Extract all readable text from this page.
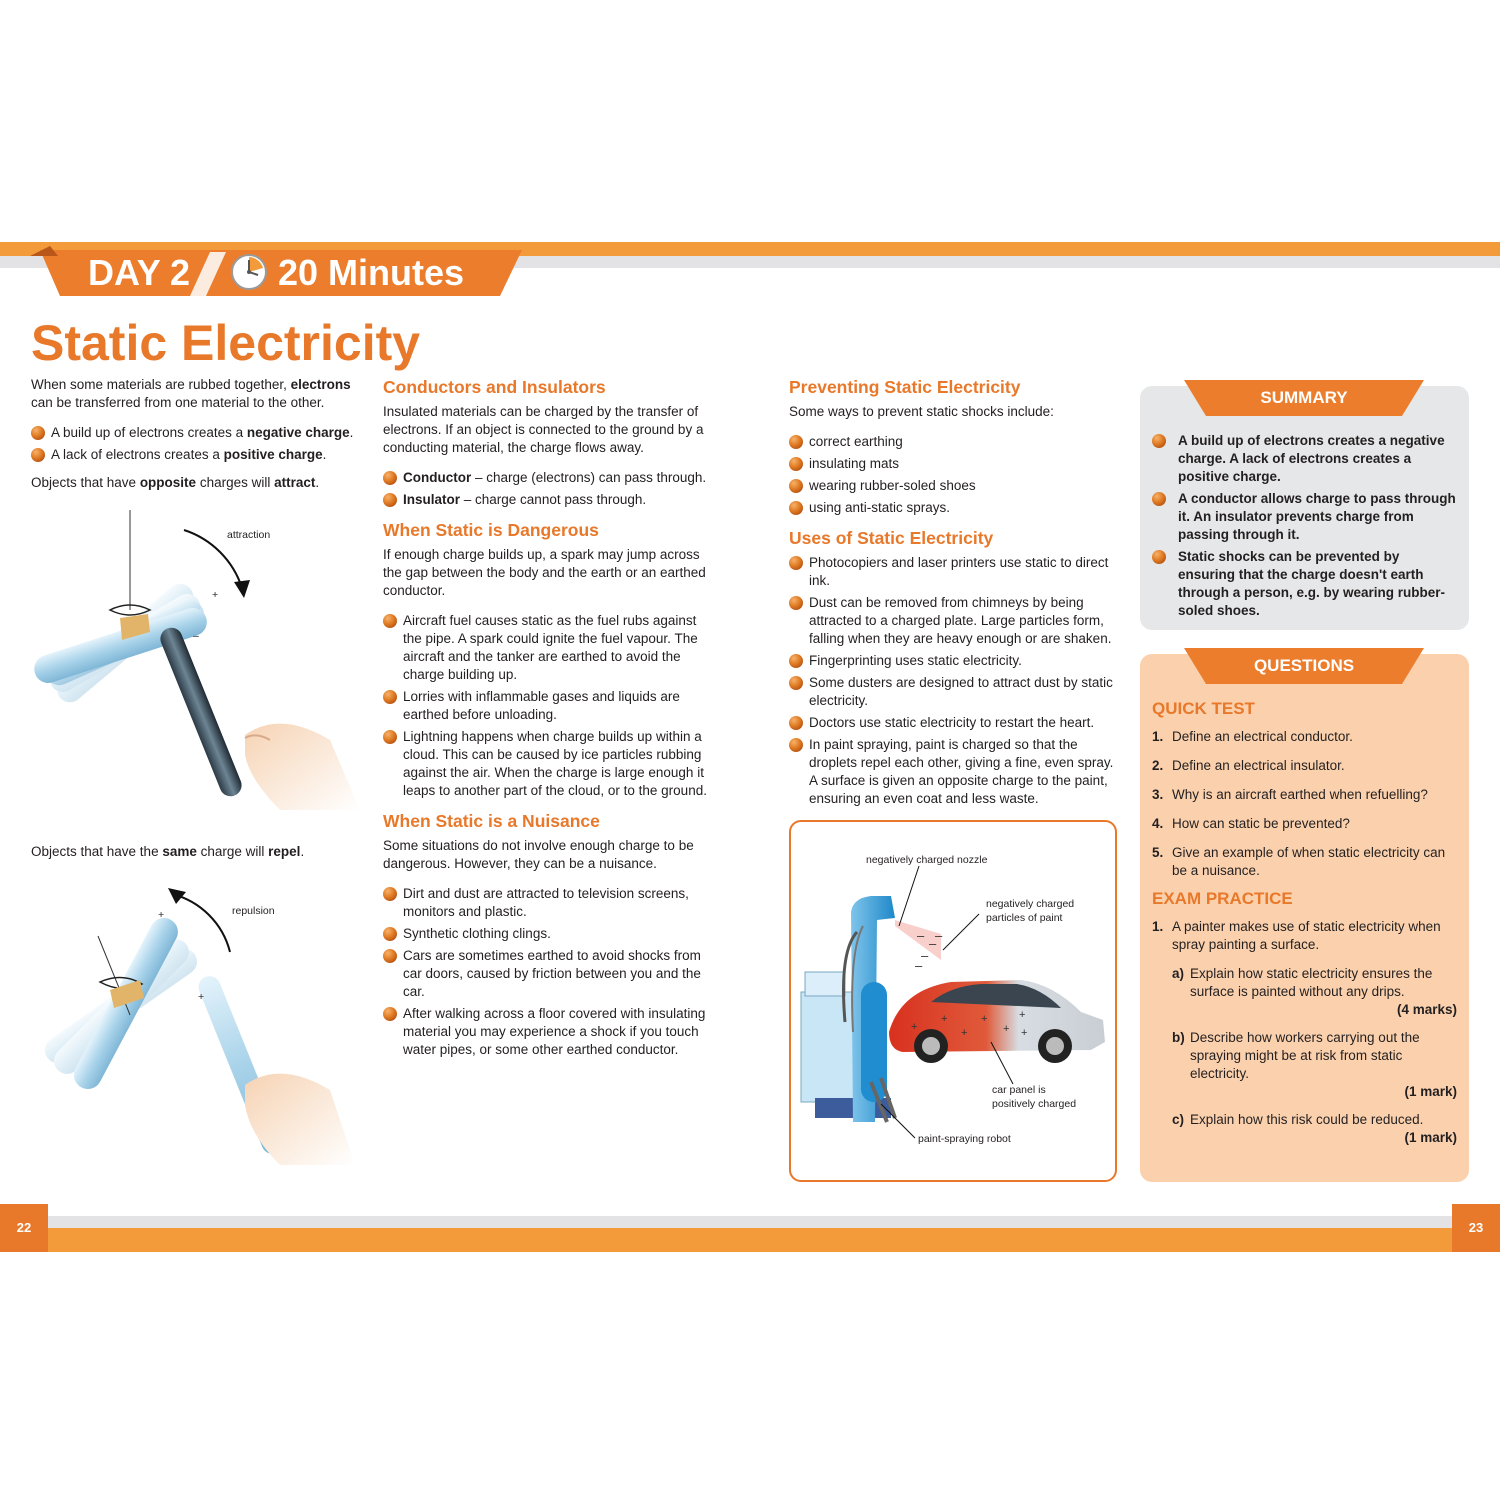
DAY 2 20 Minutes
Static Electricity

When some materials are rubbed together, electrons can be transferred from one material to the other.

A build up of electrons creates a negative charge.
A lack of electrons creates a positive charge.

Objects that have opposite charges will attract.

attraction
+
–

Objects that have the same charge will repel.

repulsion
+
+
Conductors and Insulators

Insulated materials can be charged by the transfer of electrons. If an object is connected to the ground by a conducting material, the charge flows away.

Conductor – charge (electrons) can pass through.
Insulator – charge cannot pass through.
When Static is Dangerous

If enough charge builds up, a spark may jump across the gap between the body and the earth or an earthed conductor.

Aircraft fuel causes static as the fuel rubs against the pipe. A spark could ignite the fuel vapour. The aircraft and the tanker are earthed to avoid the charge building up.
Lorries with inflammable gases and liquids are earthed before unloading.
Lightning happens when charge builds up within a cloud. This can be caused by ice particles rubbing against the air. When the charge is large enough it leaps to another part of the cloud, or to the ground.
When Static is a Nuisance

Some situations do not involve enough charge to be dangerous. However, they can be a nuisance.

Dirt and dust are attracted to television screens, monitors and plastic.
Synthetic clothing clings.
Cars are sometimes earthed to avoid shocks from car doors, caused by friction between you and the car.
After walking across a floor covered with insulating material you may experience a shock if you touch water pipes, or some other earthed conductor.
Preventing Static Electricity

Some ways to prevent static shocks include:

correct earthing
insulating mats
wearing rubber-soled shoes
using anti-static sprays.
Uses of Static Electricity
Photocopiers and laser printers use static to direct ink.
Dust can be removed from chimneys by being attracted to a charged plate. Large particles form, falling when they are heavy enough or are shaken.
Fingerprinting uses static electricity.
Some dusters are designed to attract dust by static electricity.
Doctors use static electricity to restart the heart.
In paint spraying, paint is charged so that the droplets repel each other, giving a fine, even spray. A surface is given an opposite charge to the paint, ensuring an even coat and less waste.
–
–
–
–
–
+
+
+
+
+
+
+
negatively charged nozzle
negatively charged
particles of paint
car panel is
positively charged
paint-spraying robot
SUMMARY
A build up of electrons creates a negative charge. A lack of electrons creates a positive charge.
A conductor allows charge to pass through it. An insulator prevents charge from passing through it.
Static shocks can be prevented by ensuring that the charge doesn't earth through a person, e.g. by wearing rubber-soled shoes.
QUESTIONS
QUICK TEST
1. Define an electrical conductor.
2. Define an electrical insulator.
3. Why is an aircraft earthed when refuelling?
4. How can static be prevented?
5. Give an example of when static electricity can be a nuisance.
EXAM PRACTICE
1. A painter makes use of static electricity when spray painting a surface.
a) Explain how static electricity ensures the surface is painted without any drips.
(4 marks)
b) Describe how workers carrying out the spraying might be at risk from static electricity.
(1 mark)
c) Explain how this risk could be reduced.
(1 mark)
22	23
